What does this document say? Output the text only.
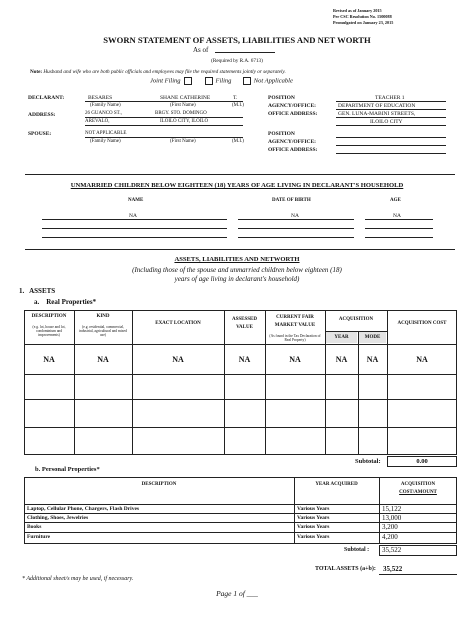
Revised as of January 2015
Per CSC Resolution No. 1500088
Promulgated on January 23, 2015
SWORN STATEMENT OF ASSETS, LIABILITIES AND NET WORTH
As of
(Required by R.A. 6713)
Note: Husband and wife who are both public officials and employees may file the required statements jointly or separately.
Joint Filing	Filing	Not Applicable
DECLARANT:	BESARES	SHANE CATHERINE	T.
(Family Name)	(First Name)	(M.I.)
ADDRESS:	26 GUANCO ST.,	BRGY. STO. DOMINGO
AREVALO,	ILOILO CITY, ILOILO
POSITION	TEACHER 1
AGENCY/OFFICE:	DEPARTMENT OF EDUCATION
OFFICE ADDRESS:	GEN. LUNA-MABINI STREETS,
ILOILO CITY
SPOUSE:	NOT APPLICABLE
(Family Name)	(First Name)	(M.I.)
POSITION
AGENCY/OFFICE:
OFFICE ADDRESS:
UNMARRIED CHILDREN BELOW EIGHTEEN (18) YEARS OF AGE LIVING IN DECLARANT'S HOUSEHOLD
NAME	DATE OF BIRTH	AGE
NA	NA	NA
ASSETS, LIABILITIES AND NETWORTH
(Including those of the spouse and unmarried children below eighteen (18)
years of age living in declarant's household)
1.   ASSETS
a.    Real Properties*
DESCRIPTION
(e.g. lot, house and lot, condominium and improvements)
KIND
(e.g. residential, commercial, industrial, agricultural and mixed use)
EXACT LOCATION
ASSESSED VALUE
CURRENT FAIR MARKET VALUE
(As found in the Tax Declaration of Real Property)
ACQUISITION
YEAR	MODE
ACQUISITION COST
NA	NA	NA	NA	NA	NA	NA	NA
Subtotal:	0.00
b. Personal Properties*
DESCRIPTION	YEAR ACQUIRED	ACQUISITION
COST/AMOUNT
Laptop, Cellular Phone, Chargers, Flash Drives	Various Years	15,122
Clothing, Shoes, Jewelries	Various Years	13,000
Books	Various Years	3,200
Furniture	Various Years	4,200
Subtotal : 35,522
* Additional sheet/s may be used, if necessary.
TOTAL ASSETS (a+b): 35,522
Page 1 of ___
